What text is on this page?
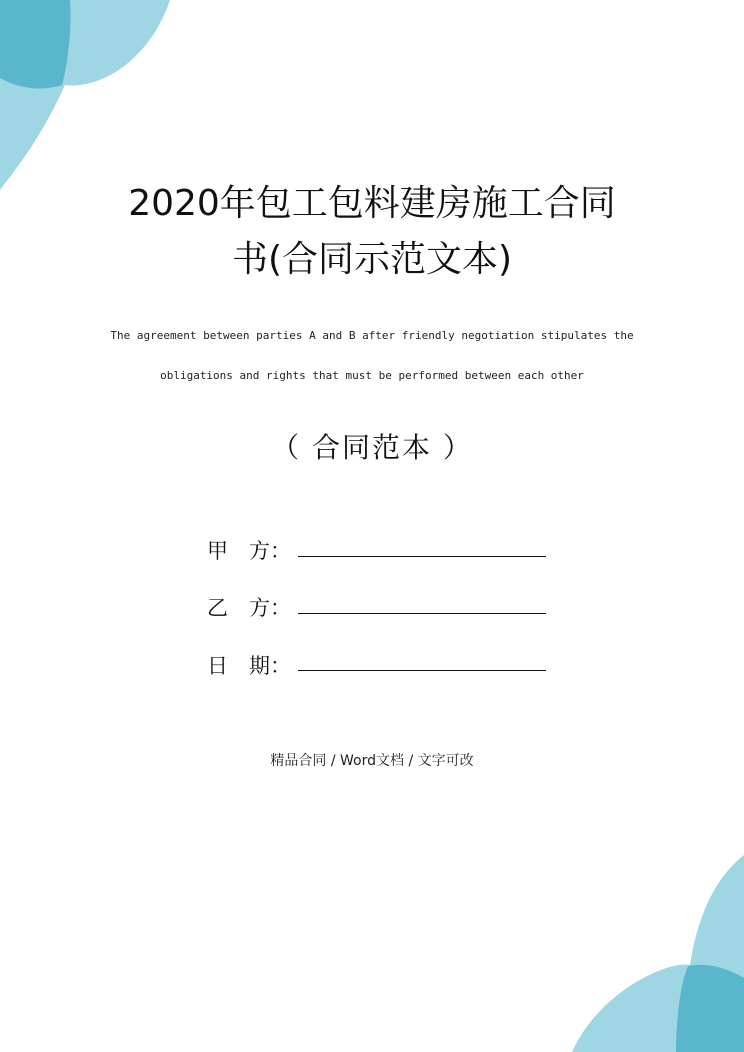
2020年包工包料建房施工合同
书(合同示范文本)
The agreement between parties A and B after friendly negotiation stipulates the
obligations and rights that must be performed between each other
（ 合同范本 ）
甲　方：
乙　方：
日　期：
精品合同 / Word文档 / 文字可改
